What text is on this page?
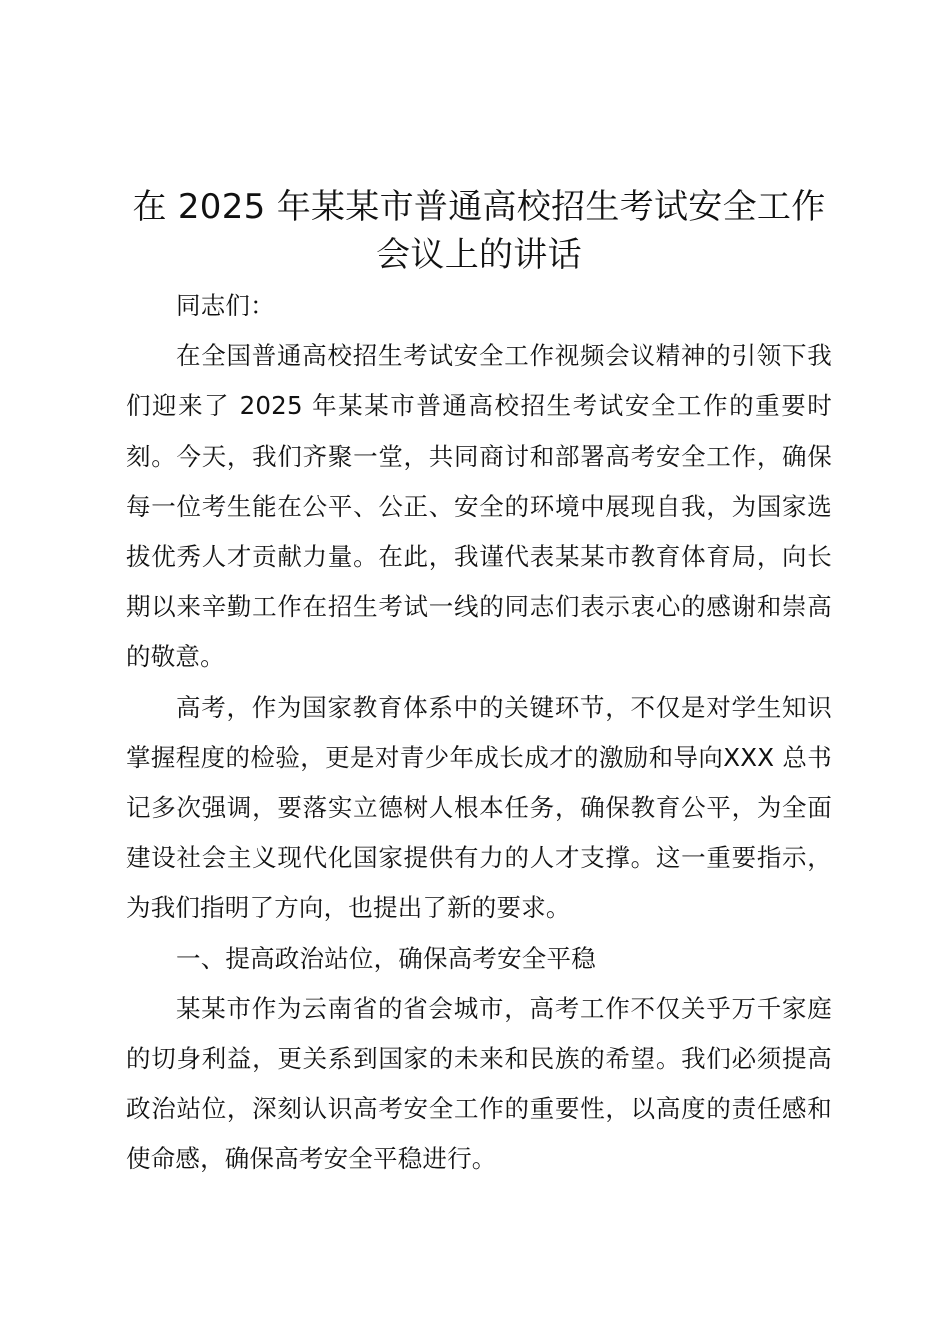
在 2025 年某某市普通高校招生考试安全工作会议上的讲话

同志们：

在全国普通高校招生考试安全工作视频会议精神的引领下我们迎来了 2025 年某某市普通高校招生考试安全工作的重要时刻。今天，我们齐聚一堂，共同商讨和部署高考安全工作，确保每一位考生能在公平、公正、安全的环境中展现自我，为国家选拔优秀人才贡献力量。在此，我谨代表某某市教育体育局，向长期以来辛勤工作在招生考试一线的同志们表示衷心的感谢和崇高的敬意。

高考，作为国家教育体系中的关键环节，不仅是对学生知识掌握程度的检验，更是对青少年成长成才的激励和导向XXX 总书记多次强调，要落实立德树人根本任务，确保教育公平，为全面建设社会主义现代化国家提供有力的人才支撑。这一重要指示，为我们指明了方向，也提出了新的要求。

一、提高政治站位，确保高考安全平稳

某某市作为云南省的省会城市，高考工作不仅关乎万千家庭的切身利益，更关系到国家的未来和民族的希望。我们必须提高政治站位，深刻认识高考安全工作的重要性，以高度的责任感和使命感，确保高考安全平稳进行。
